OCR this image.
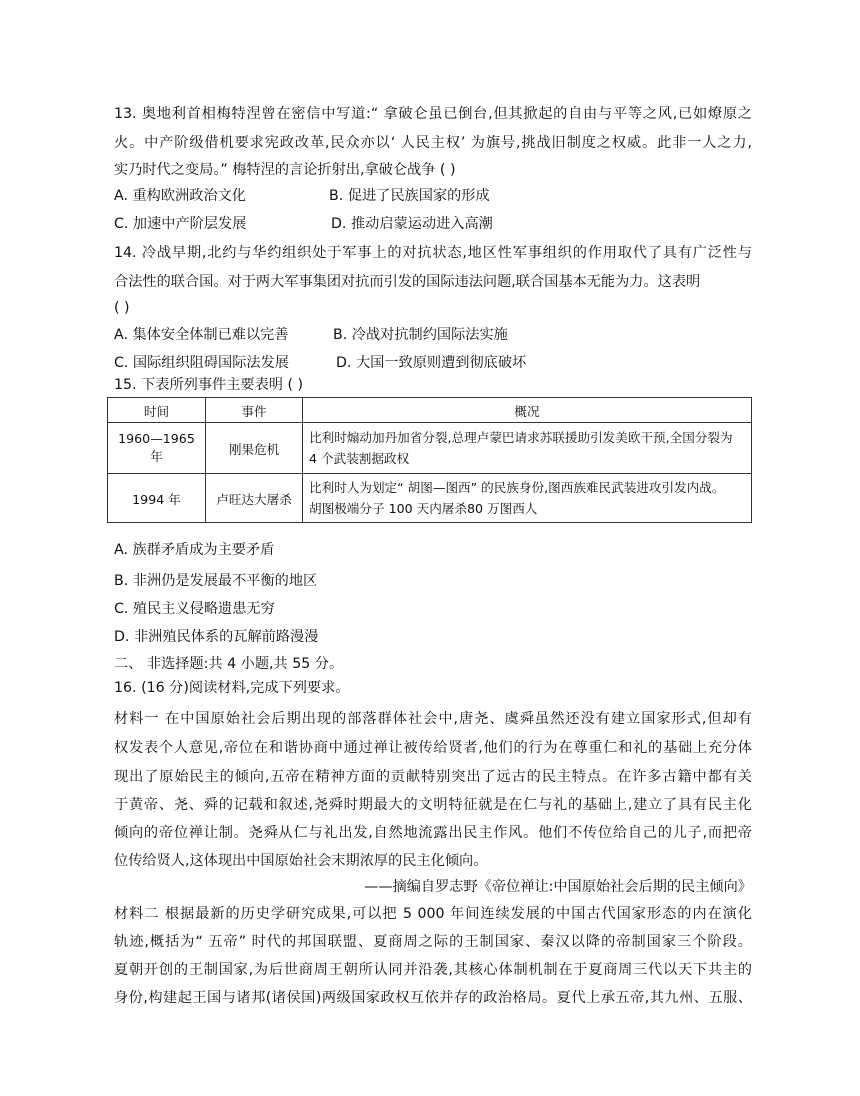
13. 奥地利首相梅特涅曾在密信中写道:“ 拿破仑虽已倒台,但其掀起的自由与平等之风,已如燎原之
火。中产阶级借机要求宪政改革,民众亦以‘ 人民主权’ 为旗号,挑战旧制度之权威。此非一人之力,
实乃时代之变局。” 梅特涅的言论折射出,拿破仑战争 ( )
A. 重构欧洲政治文化	B. 促进了民族国家的形成
C. 加速中产阶层发展	D. 推动启蒙运动进入高潮
14. 冷战早期,北约与华约组织处于军事上的对抗状态,地区性军事组织的作用取代了具有广泛性与
合法性的联合国。对于两大军事集团对抗而引发的国际违法问题,联合国基本无能为力。这表明
( )
A. 集体安全体制已难以完善	B. 冷战对抗制约国际法实施
C. 国际组织阻碍国际法发展	D. 大国一致原则遭到彻底破坏
15. 下表所列事件主要表明 ( )
时间	事件	概况
1960—1965 年	刚果危机	比利时煽动加丹加省分裂,总理卢蒙巴请求苏联援助引发美欧干预,全国分裂为
4 个武装割据政权

1994 年	卢旺达大屠杀	比利时人为划定“ 胡图—图西” 的民族身份,图西族难民武装进攻引发内战。
胡图极端分子 100 天内屠杀80 万图西人
A. 族群矛盾成为主要矛盾
B. 非洲仍是发展最不平衡的地区
C. 殖民主义侵略遗患无穷
D. 非洲殖民体系的瓦解前路漫漫
二、 非选择题:共 4 小题,共 55 分。
16. (16 分)阅读材料,完成下列要求。
材料一 在中国原始社会后期出现的部落群体社会中,唐尧、虞舜虽然还没有建立国家形式,但却有
权发表个人意见,帝位在和谐协商中通过禅让被传给贤者,他们的行为在尊重仁和礼的基础上充分体
现出了原始民主的倾向,五帝在精神方面的贡献特别突出了远古的民主特点。在许多古籍中都有关
于黄帝、尧、舜的记载和叙述,尧舜时期最大的文明特征就是在仁与礼的基础上,建立了具有民主化
倾向的帝位禅让制。尧舜从仁与礼出发,自然地流露出民主作风。他们不传位给自己的儿子,而把帝
位传给贤人,这体现出中国原始社会末期浓厚的民主化倾向。
——摘编自罗志野《帝位禅让:中国原始社会后期的民主倾向》
材料二 根据最新的历史学研究成果,可以把 5 000 年间连续发展的中国古代国家形态的内在演化
轨迹,概括为“ 五帝” 时代的邦国联盟、夏商周之际的王制国家、秦汉以降的帝制国家三个阶段。
夏朝开创的王制国家,为后世商周王朝所认同并沿袭,其核心体制机制在于夏商周三代以天下共主的
身份,构建起王国与诸邦(诸侯国)两级国家政权互依并存的政治格局。夏代上承五帝,其九州、五服、
